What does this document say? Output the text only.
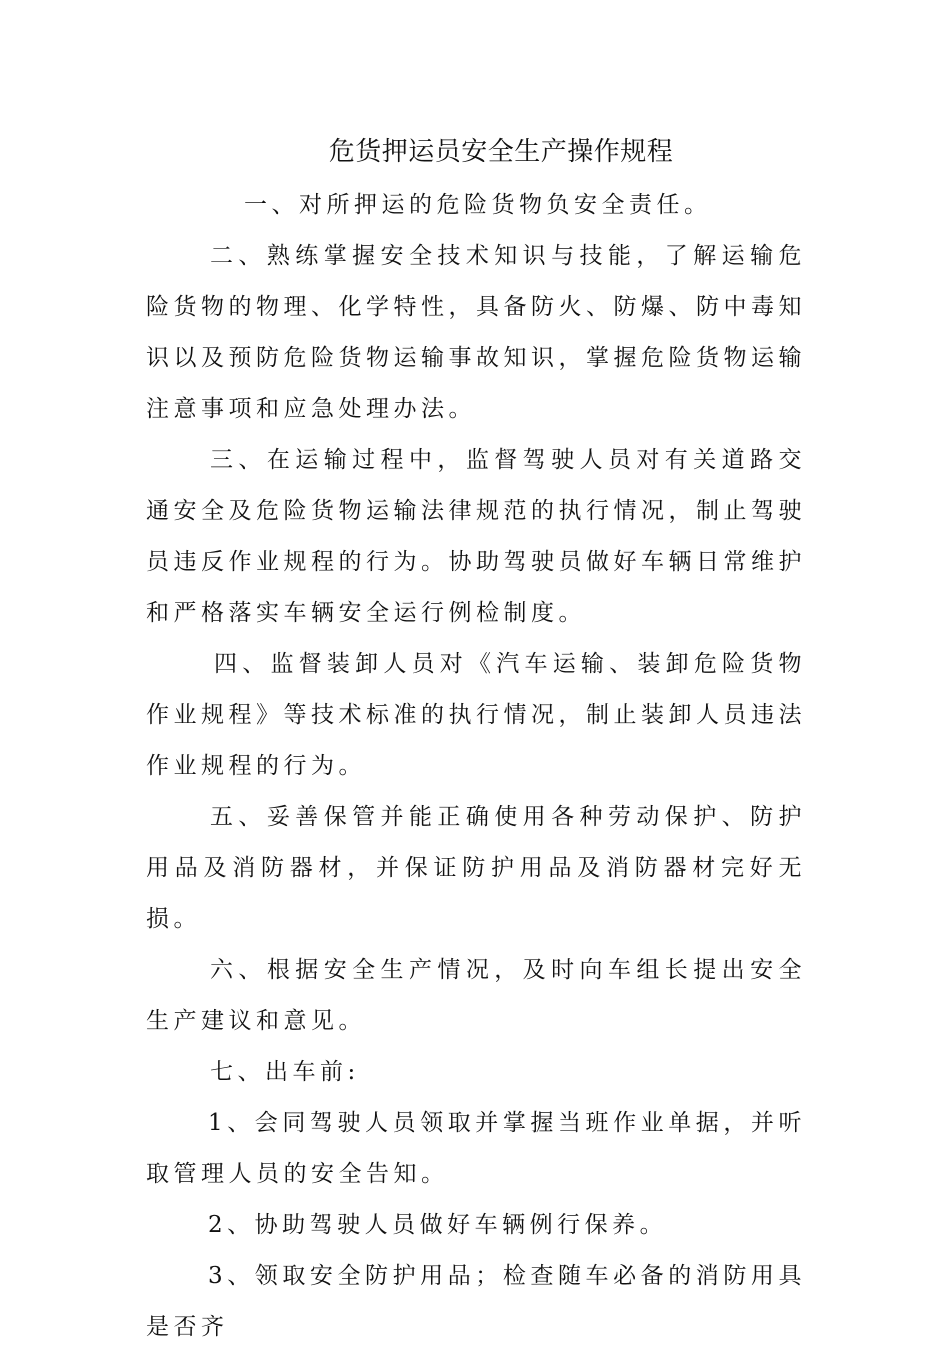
危货押运员安全生产操作规程

一、对所押运的危险货物负安全责任。

二、熟练掌握安全技术知识与技能，了解运输危险货物的物理、化学特性，具备防火、防爆、防中毒知识以及预防危险货物运输事故知识，掌握危险货物运输注意事项和应急处理办法。

三、在运输过程中，监督驾驶人员对有关道路交通安全及危险货物运输法律规范的执行情况，制止驾驶员违反作业规程的行为。协助驾驶员做好车辆日常维护和严格落实车辆安全运行例检制度。

四、监督装卸人员对《汽车运输、装卸危险货物作业规程》等技术标准的执行情况，制止装卸人员违法作业规程的行为。

五、妥善保管并能正确使用各种劳动保护、防护用品及消防器材，并保证防护用品及消防器材完好无损。

六、根据安全生产情况，及时向车组长提出安全生产建议和意见。

七、出车前:

1、会同驾驶人员领取并掌握当班作业单据，并听取管理人员的安全告知。

2、协助驾驶人员做好车辆例行保养。

3、领取安全防护用品；检查随车必备的消防用具是否齐
